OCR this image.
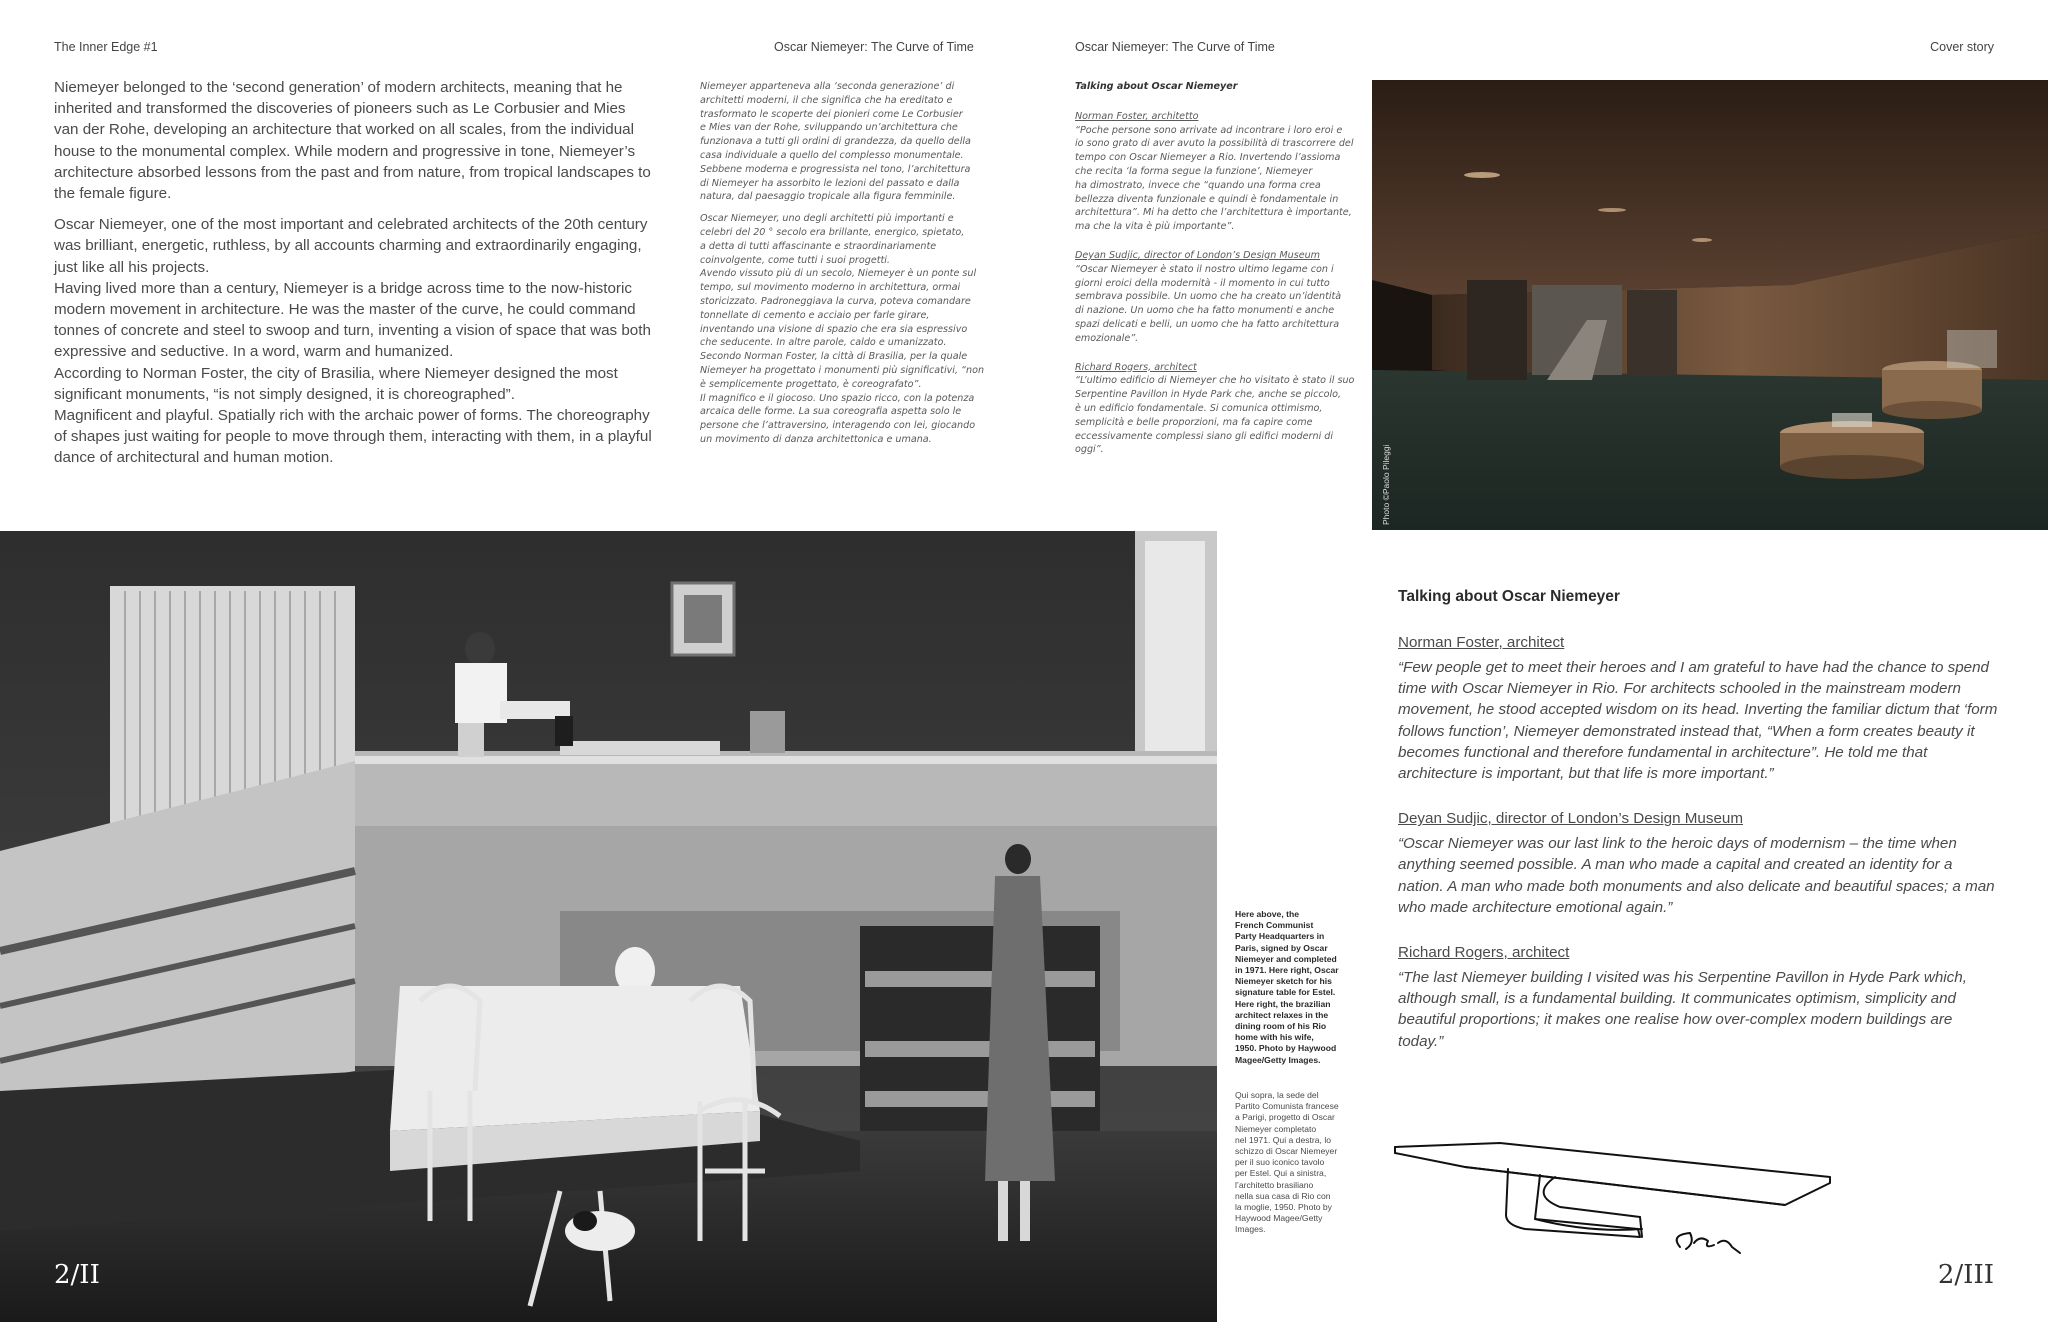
The Inner Edge #1	Oscar Niemeyer: The Curve of Time	Oscar Niemeyer: The Curve of Time	Cover story

Niemeyer belonged to the ‘second generation’ of modern architects, meaning that he inherited and transformed the discoveries of pioneers such as Le Corbusier and Mies van der Rohe, developing an architecture that worked on all scales, from the individual house to the monumental complex. While modern and progressive in tone, Niemeyer’s architecture absorbed lessons from the past and from nature, from tropical landscapes to the female figure.

Oscar Niemeyer, one of the most important and celebrated architects of the 20th century was brilliant, energetic, ruthless, by all accounts charming and extraordinarily engaging, just like all his projects.

Having lived more than a century, Niemeyer is a bridge across time to the now-historic modern movement in architecture. He was the master of the curve, he could command tonnes of concrete and steel to swoop and turn, inventing a vision of space that was both expressive and seductive. In a word, warm and humanized.

According to Norman Foster, the city of Brasilia, where Niemeyer designed the most significant monuments, “is not simply designed, it is choreographed”.

Magnificent and playful. Spatially rich with the archaic power of forms. The choreography of shapes just waiting for people to move through them, interacting with them, in a playful dance of architectural and human motion.

Niemeyer apparteneva alla ‘seconda generazione’ di
architetti moderni, il che significa che ha ereditato e
trasformato le scoperte dei pionieri come Le Corbusier
e Mies van der Rohe, sviluppando un’architettura che
funzionava a tutti gli ordini di grandezza, da quello della
casa individuale a quello del complesso monumentale.
Sebbene moderna e progressista nel tono, l’architettura
di Niemeyer ha assorbito le lezioni del passato e dalla
natura, dal paesaggio tropicale alla figura femminile.

Oscar Niemeyer, uno degli architetti più importanti e
celebri del 20 ° secolo era brillante, energico, spietato,
a detta di tutti affascinante e straordinariamente
coinvolgente, come tutti i suoi progetti.
Avendo vissuto più di un secolo, Niemeyer è un ponte sul
tempo, sul movimento moderno in architettura, ormai
storicizzato. Padroneggiava la curva, poteva comandare
tonnellate di cemento e acciaio per farle girare,
inventando una visione di spazio che era sia espressivo
che seducente. In altre parole, caldo e umanizzato.
Secondo Norman Foster, la città di Brasilia, per la quale
Niemeyer ha progettato i monumenti più significativi, “non
è semplicemente progettato, è coreografato”.
Il magnifico e il giocoso. Uno spazio ricco, con la potenza
arcaica delle forme. La sua coreografia aspetta solo le
persone che l’attraversino, interagendo con lei, giocando
un movimento di danza architettonica e umana.

Talking about Oscar Niemeyer
Norman Foster, architetto
“Poche persone sono arrivate ad incontrare i loro eroi e
io sono grato di aver avuto la possibilità di trascorrere del
tempo con Oscar Niemeyer a Rio. Invertendo l’assioma
che recita ‘la forma segue la funzione’, Niemeyer
ha dimostrato, invece che “quando una forma crea
bellezza diventa funzionale e quindi è fondamentale in
architettura”. Mi ha detto che l’architettura è importante,
ma che la vita è più importante”.
Deyan Sudjic, director of London’s Design Museum
“Oscar Niemeyer è stato il nostro ultimo legame con i
giorni eroici della modernità - il momento in cui tutto
sembrava possibile. Un uomo che ha creato un’identità
di nazione. Un uomo che ha fatto monumenti e anche
spazi delicati e belli, un uomo che ha fatto architettura
emozionale”.
Richard Rogers, architect
“L’ultimo edificio di Niemeyer che ho visitato è stato il suo
Serpentine Pavillon in Hyde Park che, anche se piccolo,
è un edificio fondamentale. Si comunica ottimismo,
semplicità e belle proporzioni, ma fa capire come
eccessivamente complessi siano gli edifici moderni di
oggi”.	Photo ©Paolo Pileggi
2/II
Here above, the
French Communist
Party Headquarters in
Paris, signed by Oscar
Niemeyer and completed
in 1971. Here right, Oscar
Niemeyer sketch for his
signature table for Estel.
Here right, the brazilian
architect relaxes in the
dining room of his Rio
home with his wife,
1950. Photo by Haywood
Magee/Getty Images.
Qui sopra, la sede del
Partito Comunista francese
a Parigi, progetto di Oscar
Niemeyer completato
nel 1971. Qui a destra, lo
schizzo di Oscar Niemeyer
per il suo iconico tavolo
per Estel. Qui a sinistra,
l’architetto brasiliano
nella sua casa di Rio con
la moglie, 1950. Photo by
Haywood Magee/Getty
Images.
Talking about Oscar Niemeyer
Norman Foster, architect

“Few people get to meet their heroes and I am grateful to have had the chance to spend time with Oscar Niemeyer in Rio. For architects schooled in the mainstream modern movement, he stood accepted wisdom on its head. Inverting the familiar dictum that ‘form follows function’, Niemeyer demonstrated instead that, “When a form creates beauty it becomes functional and therefore fundamental in architecture”. He told me that architecture is important, but that life is more important.”

Deyan Sudjic, director of London’s Design Museum

“Oscar Niemeyer was our last link to the heroic days of modernism – the time when anything seemed possible. A man who made a capital and created an identity for a nation. A man who made both monuments and also delicate and beautiful spaces; a man who made architecture emotional again.”

Richard Rogers, architect

“The last Niemeyer building I visited was his Serpentine Pavillon in Hyde Park which, although small, is a fundamental building. It communicates optimism, simplicity and beautiful proportions; it makes one realise how over-complex modern buildings are today.”

2/III
